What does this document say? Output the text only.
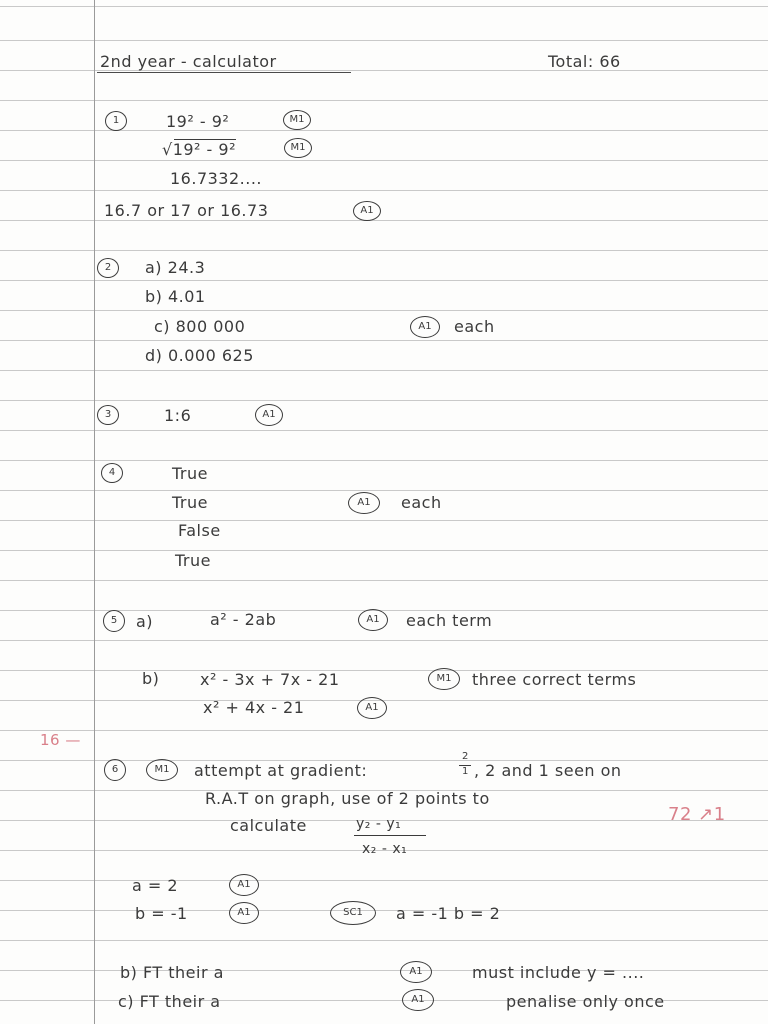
2nd year - calculator	Total: 66
1	19² - 9²	M1
√19² - 9²	M1
16.7332....
16.7 or 17 or 16.73	A1
2	a) 24.3
b) 4.01
c) 800 000	A1	each
d) 0.000 625
3	1:6	A1
4	True
True	A1	each
False
True
5	a)	a² - 2ab	A1	each term
b)	x² - 3x + 7x - 21	M1	three correct terms
x² + 4x - 21	A1
16 —
6	M1	attempt at gradient:
2
1 , 2 and 1 seen on
R.A.T on graph, use of 2 points to
calculate	y₂ - y₁
x₂ - x₁
72 ↗1
a = 2	A1
b = -1	A1	SC1	a = -1 b = 2
b) FT their a	A1	must include y = ....
c) FT their a	A1	penalise only once
